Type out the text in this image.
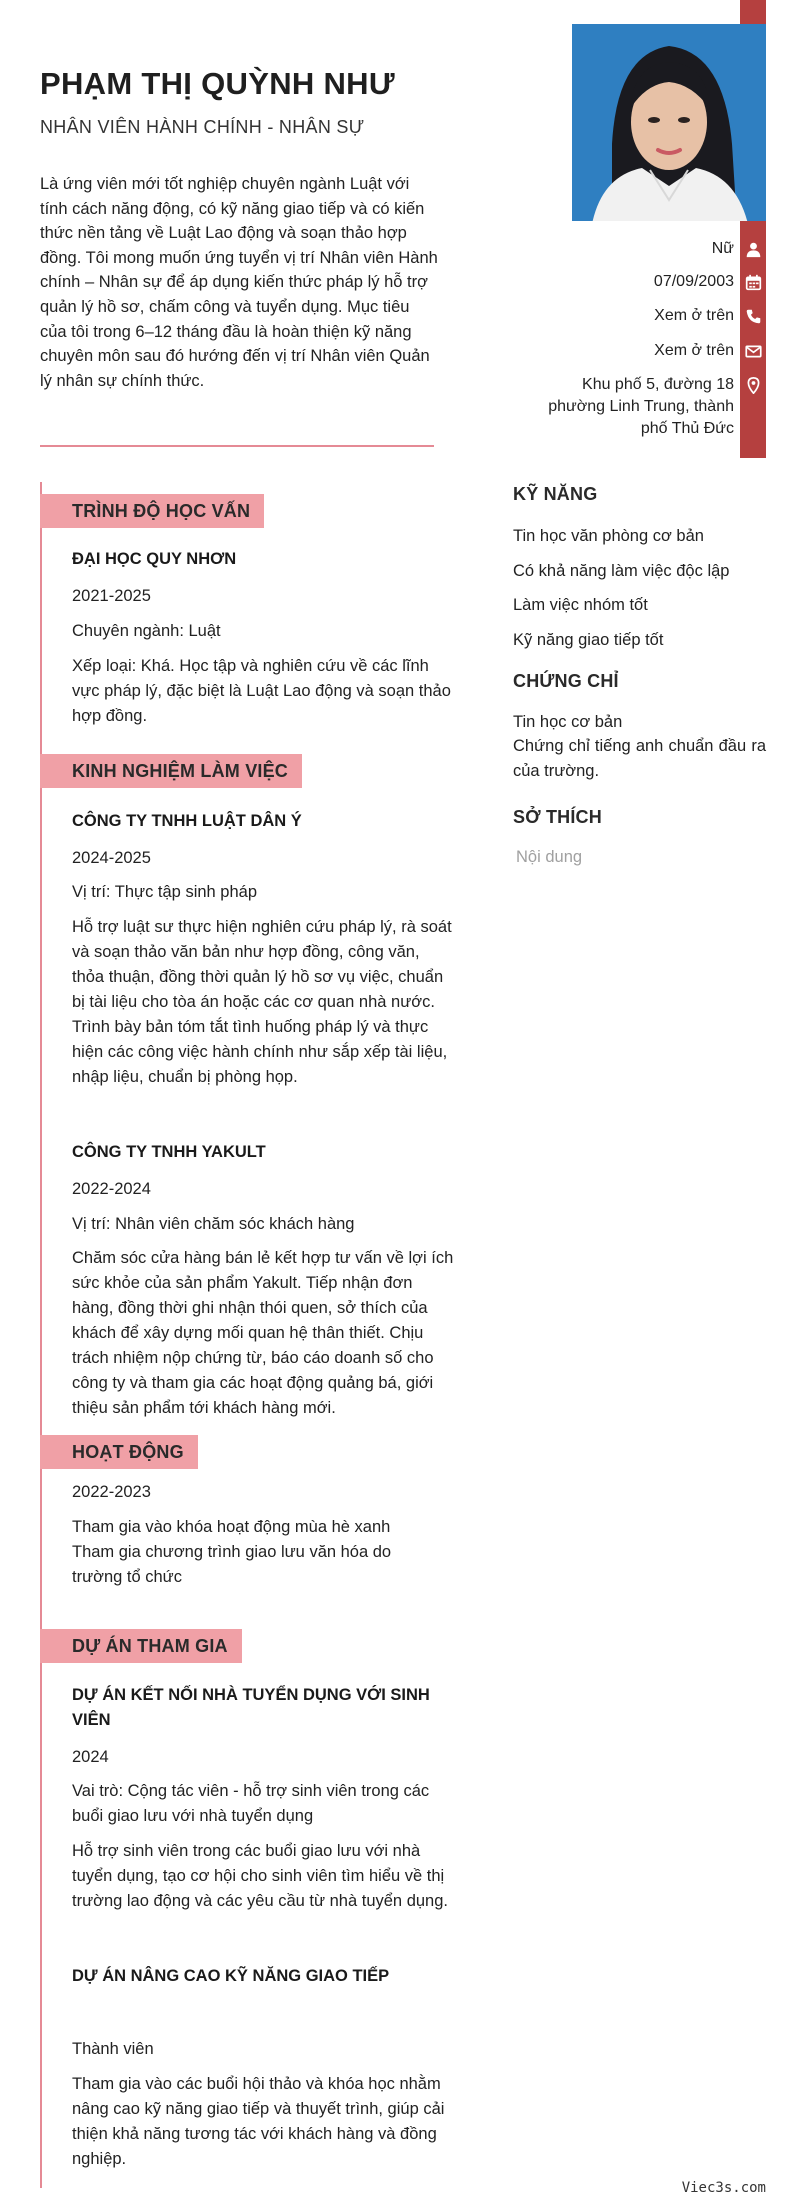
PHẠM THỊ QUỲNH NHƯ
NHÂN VIÊN HÀNH CHÍNH - NHÂN SỰ
Là ứng viên mới tốt nghiệp chuyên ngành Luật với tính cách năng động, có kỹ năng giao tiếp và có kiến thức nền tảng về Luật Lao động và soạn thảo hợp đồng. Tôi mong muốn ứng tuyển vị trí Nhân viên Hành chính – Nhân sự để áp dụng kiến thức pháp lý hỗ trợ quản lý hồ sơ, chấm công và tuyển dụng. Mục tiêu của tôi trong 6–12 tháng đầu là hoàn thiện kỹ năng chuyên môn sau đó hướng đến vị trí Nhân viên Quản lý nhân sự chính thức.
Nữ
07/09/2003
Xem ở trên
Xem ở trên
Khu phố 5, đường 18 phường Linh Trung, thành phố Thủ Đức
TRÌNH ĐỘ HỌC VẤN
ĐẠI HỌC QUY NHƠN
2021-2025
Chuyên ngành: Luật
Xếp loại: Khá. Học tập và nghiên cứu về các lĩnh vực pháp lý, đặc biệt là Luật Lao động và soạn thảo hợp đồng.
KINH NGHIỆM LÀM VIỆC
CÔNG TY TNHH LUẬT DÂN Ý
2024-2025
Vị trí: Thực tập sinh pháp
Hỗ trợ luật sư thực hiện nghiên cứu pháp lý, rà soát và soạn thảo văn bản như hợp đồng, công văn, thỏa thuận, đồng thời quản lý hồ sơ vụ việc, chuẩn bị tài liệu cho tòa án hoặc các cơ quan nhà nước. Trình bày bản tóm tắt tình huống pháp lý và thực hiện các công việc hành chính như sắp xếp tài liệu, nhập liệu, chuẩn bị phòng họp.
CÔNG TY TNHH YAKULT
2022-2024
Vị trí: Nhân viên chăm sóc khách hàng
Chăm sóc cửa hàng bán lẻ kết hợp tư vấn về lợi ích sức khỏe của sản phẩm Yakult. Tiếp nhận đơn hàng, đồng thời ghi nhận thói quen, sở thích của khách để xây dựng mối quan hệ thân thiết. Chịu trách nhiệm nộp chứng từ, báo cáo doanh số cho công ty và tham gia các hoạt động quảng bá, giới thiệu sản phẩm tới khách hàng mới.
HOẠT ĐỘNG
2022-2023
Tham gia vào khóa hoạt động mùa hè xanh Tham gia chương trình giao lưu văn hóa do trường tổ chức
DỰ ÁN THAM GIA
DỰ ÁN KẾT NỐI NHÀ TUYỂN DỤNG VỚI SINH VIÊN
2024
Vai trò: Cộng tác viên - hỗ trợ sinh viên trong các buổi giao lưu với nhà tuyển dụng
Hỗ trợ sinh viên trong các buổi giao lưu với nhà tuyển dụng, tạo cơ hội cho sinh viên tìm hiểu về thị trường lao động và các yêu cầu từ nhà tuyển dụng.
DỰ ÁN NÂNG CAO KỸ NĂNG GIAO TIẾP
Thành viên
Tham gia vào các buổi hội thảo và khóa học nhằm nâng cao kỹ năng giao tiếp và thuyết trình, giúp cải thiện khả năng tương tác với khách hàng và đồng nghiệp.
KỸ NĂNG
Tin học văn phòng cơ bản
Có khả năng làm việc độc lập
Làm việc nhóm tốt
Kỹ năng giao tiếp tốt
CHỨNG CHỈ
Tin học cơ bản
Chứng chỉ tiếng anh chuẩn đầu ra của trường.
SỞ THÍCH
Nội dung
Viec3s.com
